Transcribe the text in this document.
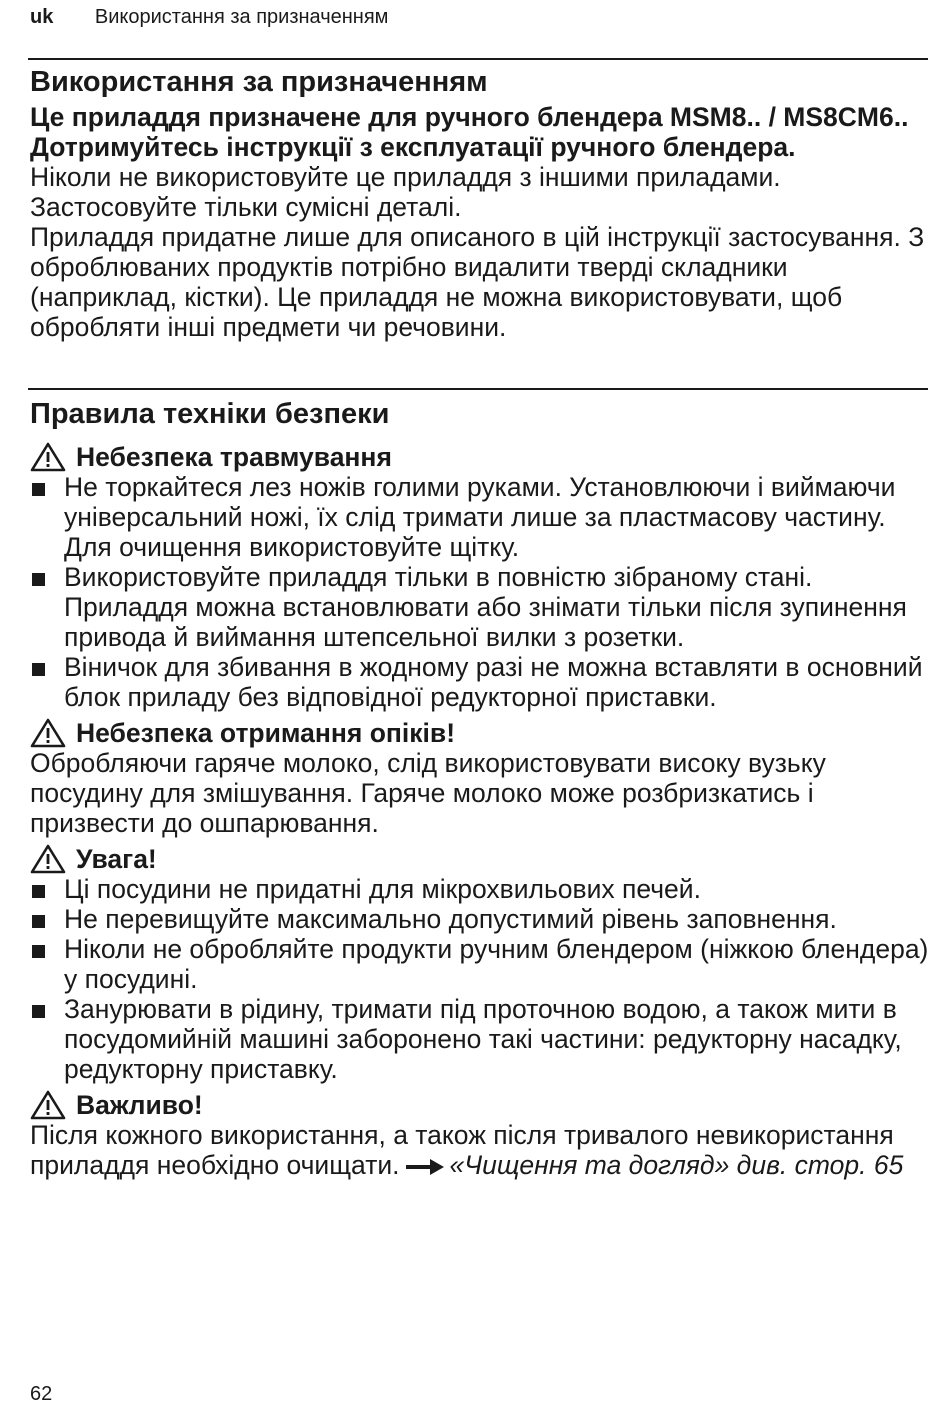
uk Використання за призначенням
Використання за призначенням

Це приладдя призначене для ручного блендера MSM8.. / MS8CM6.. Дотримуйтесь інструкції з експлуатації ручного блендера.

Ніколи не використовуйте це приладдя з іншими приладами. Застосовуйте тільки сумісні деталі.

Приладдя придатне лише для описаного в цій інструкції застосування. З оброблюваних продуктів потрібно видалити тверді складники (наприклад, кістки). Це приладдя не можна використовувати, щоб обробляти інші предмети чи речовини.

Правила техніки безпеки
Небезпека травмування
Не торкайтеся лез ножів голими руками. Установлюючи і виймаючи універсальний ножі, їх слід тримати лише за пластмасову частину. Для очищення використовуйте щітку.
Використовуйте приладдя тільки в повністю зібраному стані. Приладдя можна встановлювати або знімати тільки після зупинення привода й виймання штепсельної вилки з розетки.
Віничок для збивання в жодному разі не можна вставляти в основний блок приладу без відповідної редукторної приставки.
Небезпека отримання опіків!

Обробляючи гаряче молоко, слід використовувати високу вузьку посудину для змішування. Гаряче молоко може розбризкатись і призвести до ошпарювання.

Увага!
Ці посудини не придатні для мікрохвильових печей.
Не перевищуйте максимально допустимий рівень заповнення.
Ніколи не обробляйте продукти ручним блендером (ніжкою блендера) у посудині.
Занурювати в рідину, тримати під проточною водою, а також мити в посудомийній машині заборонено такі частини: редукторну насадку, редукторну приставку.
Важливо!

Після кожного використання, а також після тривалого невикористання приладдя необхідно очищати. «Чищення та догляд» див. стор. 65

62
